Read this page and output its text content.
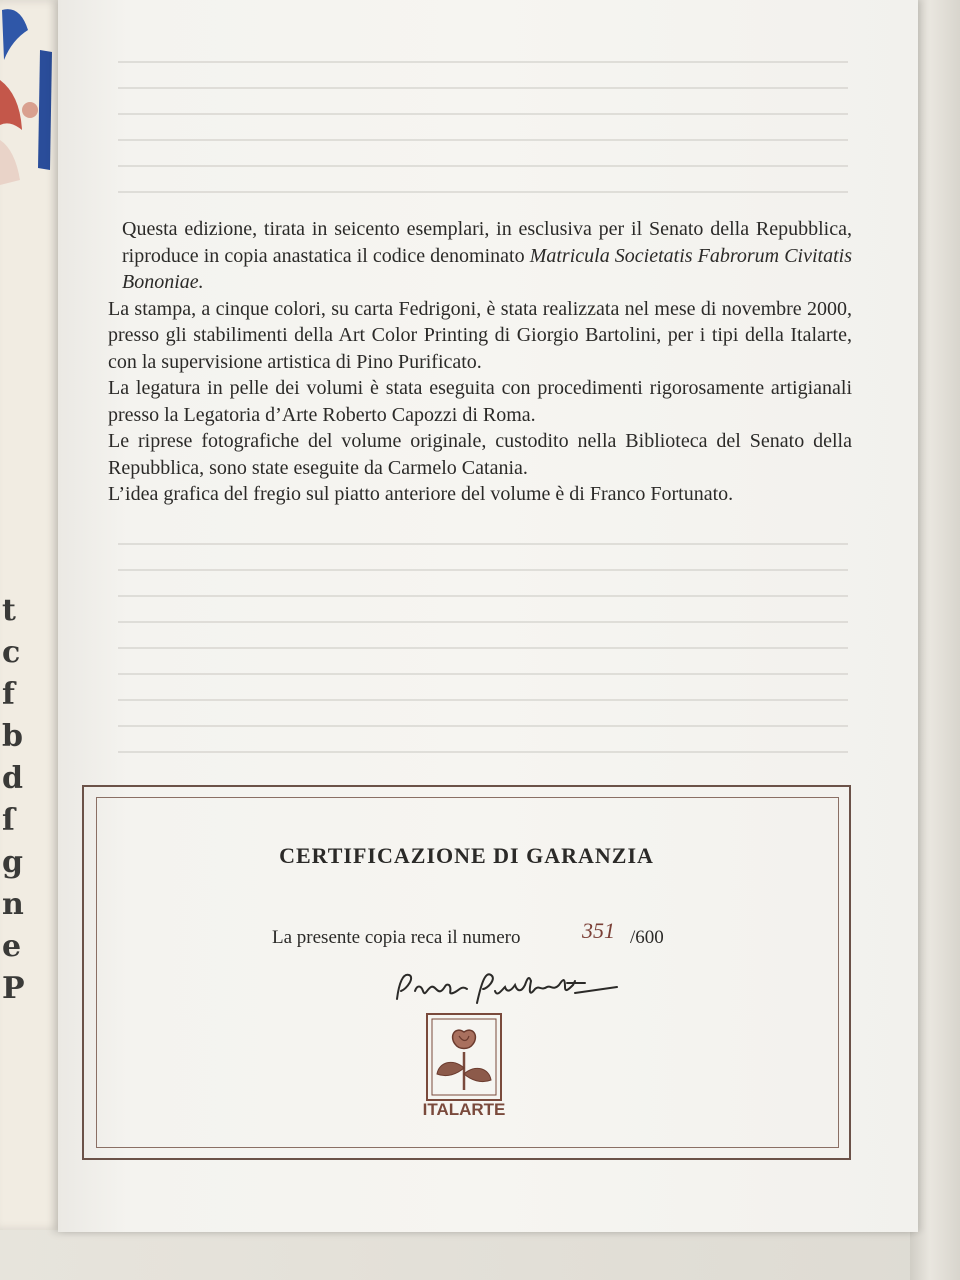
t
c
f
b
d
ſ
g
n
e
P

Questa edizione, tirata in seicento esemplari, in esclusiva per il Senato della Repubblica, riproduce in copia anastatica il codice denominato Matricula Societatis Fabrorum Civitatis Bononiae.

La stampa, a cinque colori, su carta Fedrigoni, è stata realizzata nel mese di novembre 2000, presso gli stabilimenti della Art Color Printing di Giorgio Bartolini, per i tipi della Italarte, con la supervisione artistica di Pino Purificato.

La legatura in pelle dei volumi è stata eseguita con procedimenti rigorosamente artigianali presso la Legatoria d’Arte Roberto Capozzi di Roma.

Le riprese fotografiche del volume originale, custodito nella Biblioteca del Senato della Repubblica, sono state eseguite da Carmelo Catania.

L’idea grafica del fregio sul piatto anteriore del volume è di Franco Fortunato.

CERTIFICAZIONE DI GARANZIA
La presente copia reca il numero	351 /600
ITALARTE
